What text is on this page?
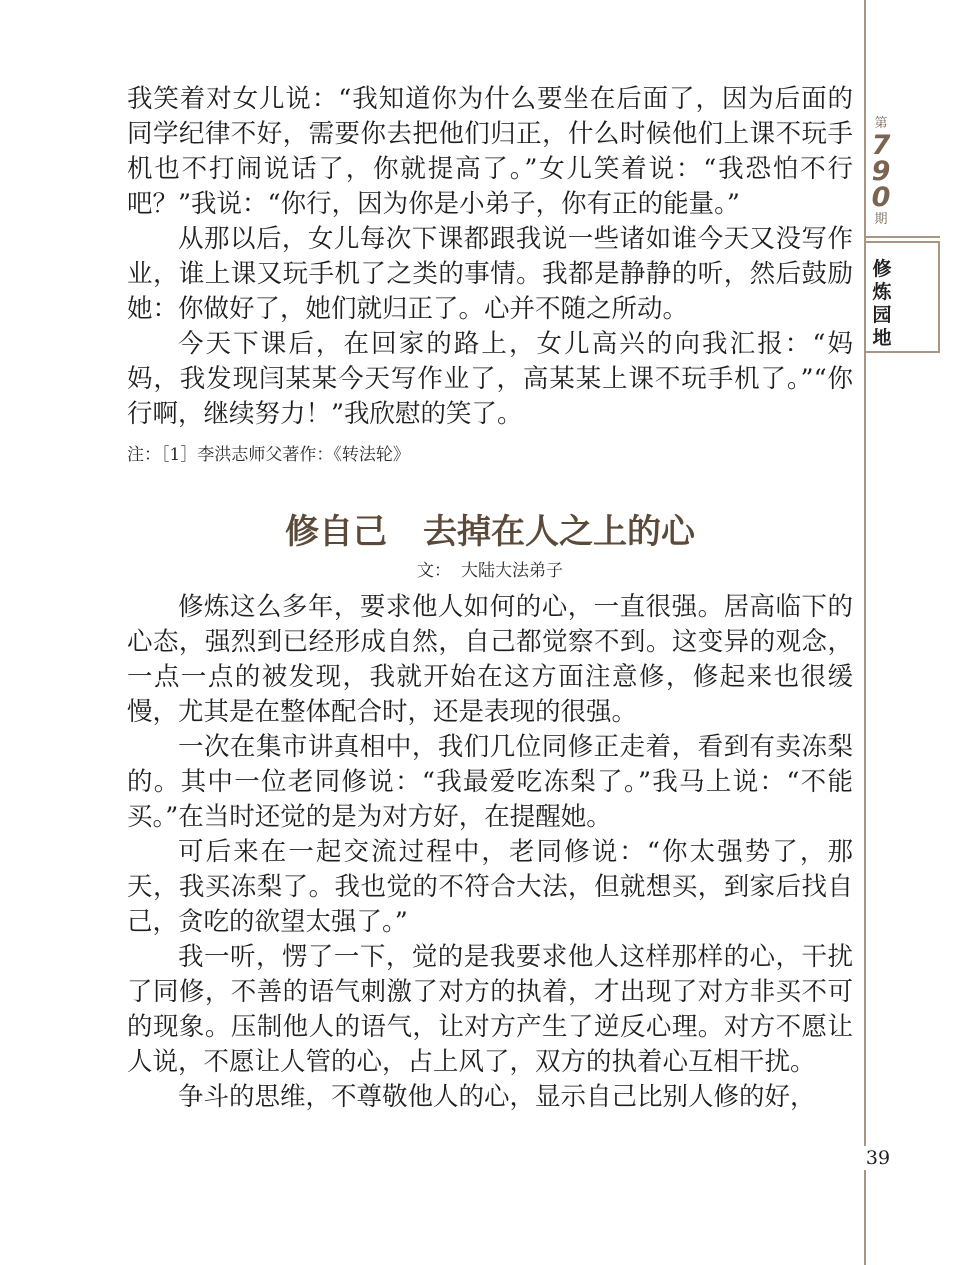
第
7
9
0
期
修炼园地
39

我笑着对女儿说：“我知道你为什么要坐在后面了，因为后面的同学纪律不好，需要你去把他们归正，什么时候他们上课不玩手机也不打闹说话了，你就提高了。”女儿笑着说：“我恐怕不行吧？”我说：“你行，因为你是小弟子，你有正的能量。”

从那以后，女儿每次下课都跟我说一些诸如谁今天又没写作业，谁上课又玩手机了之类的事情。我都是静静的听，然后鼓励她：你做好了，她们就归正了。心并不随之所动。

今天下课后，在回家的路上，女儿高兴的向我汇报：“妈妈，我发现闫某某今天写作业了，高某某上课不玩手机了。”“你行啊，继续努力！”我欣慰的笑了。

注：［1］李洪志师父著作：《转法轮》

修自己 去掉在人之上的心
文： 大陆大法弟子

修炼这么多年，要求他人如何的心，一直很强。居高临下的心态，强烈到已经形成自然，自己都觉察不到。这变异的观念，一点一点的被发现，我就开始在这方面注意修，修起来也很缓慢，尤其是在整体配合时，还是表现的很强。

一次在集市讲真相中，我们几位同修正走着，看到有卖冻梨的。其中一位老同修说：“我最爱吃冻梨了。”我马上说：“不能买。”在当时还觉的是为对方好，在提醒她。

可后来在一起交流过程中，老同修说：“你太强势了，那天，我买冻梨了。我也觉的不符合大法，但就想买，到家后找自己，贪吃的欲望太强了。”

我一听，愣了一下，觉的是我要求他人这样那样的心，干扰了同修，不善的语气刺激了对方的执着，才出现了对方非买不可的现象。压制他人的语气，让对方产生了逆反心理。对方不愿让人说，不愿让人管的心，占上风了，双方的执着心互相干扰。

争斗的思维，不尊敬他人的心，显示自己比别人修的好，
